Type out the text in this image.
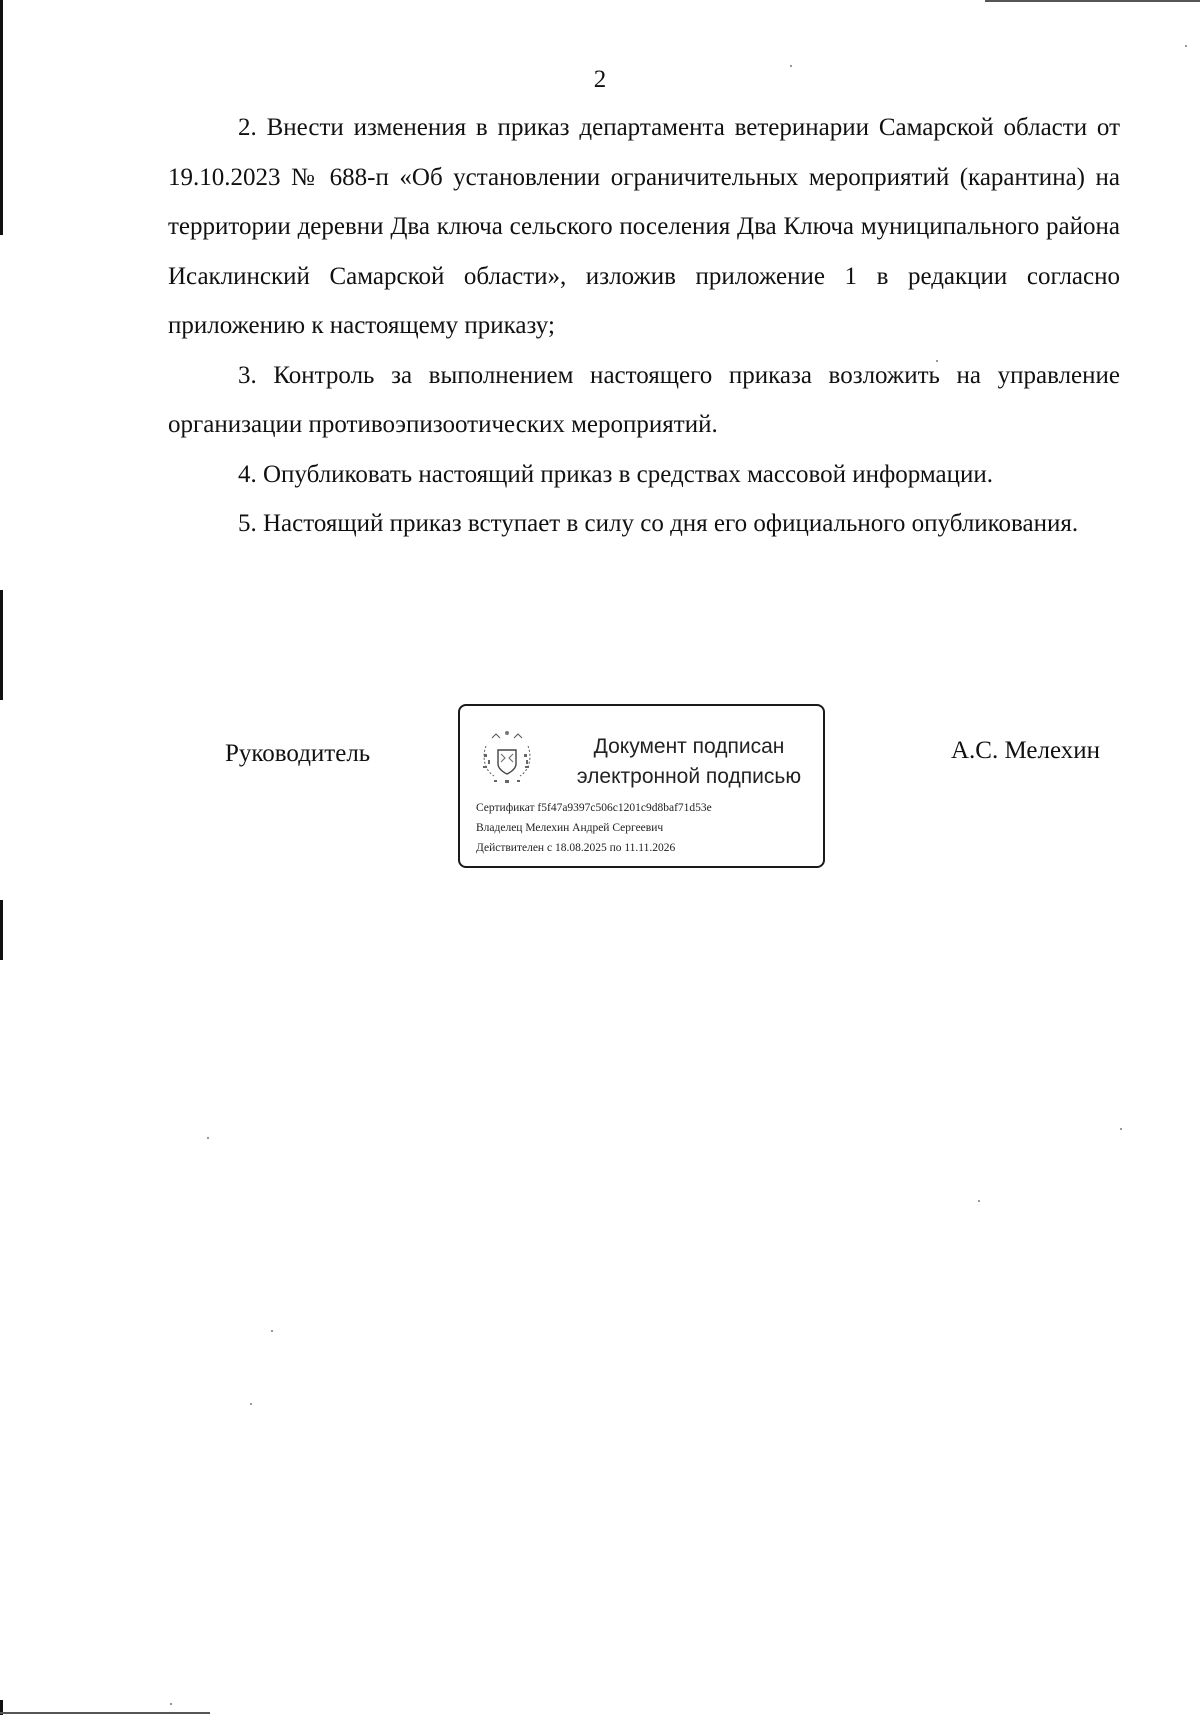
2

2. Внести изменения в приказ департамента ветеринарии Самарской области от 19.10.2023 № 688-п «Об установлении ограничительных мероприятий (карантина) на территории деревни Два ключа сельского поселения Два Ключа муниципального района Исаклинский Самарской области», изложив приложение 1 в редакции согласно приложению к настоящему приказу;

3. Контроль за выполнением настоящего приказа возложить на управление организации противоэпизоотических мероприятий.

4. Опубликовать настоящий приказ в средствах массовой информации.

5. Настоящий приказ вступает в силу со дня его официального опубликования.

Руководитель	Документ подписан
электронной подписью
Сертификат f5f47a9397c506c1201c9d8baf71d53e
Владелец Мелехин Андрей Сергеевич
Действителен с 18.08.2025 по 11.11.2026
А.С. Мелехин
